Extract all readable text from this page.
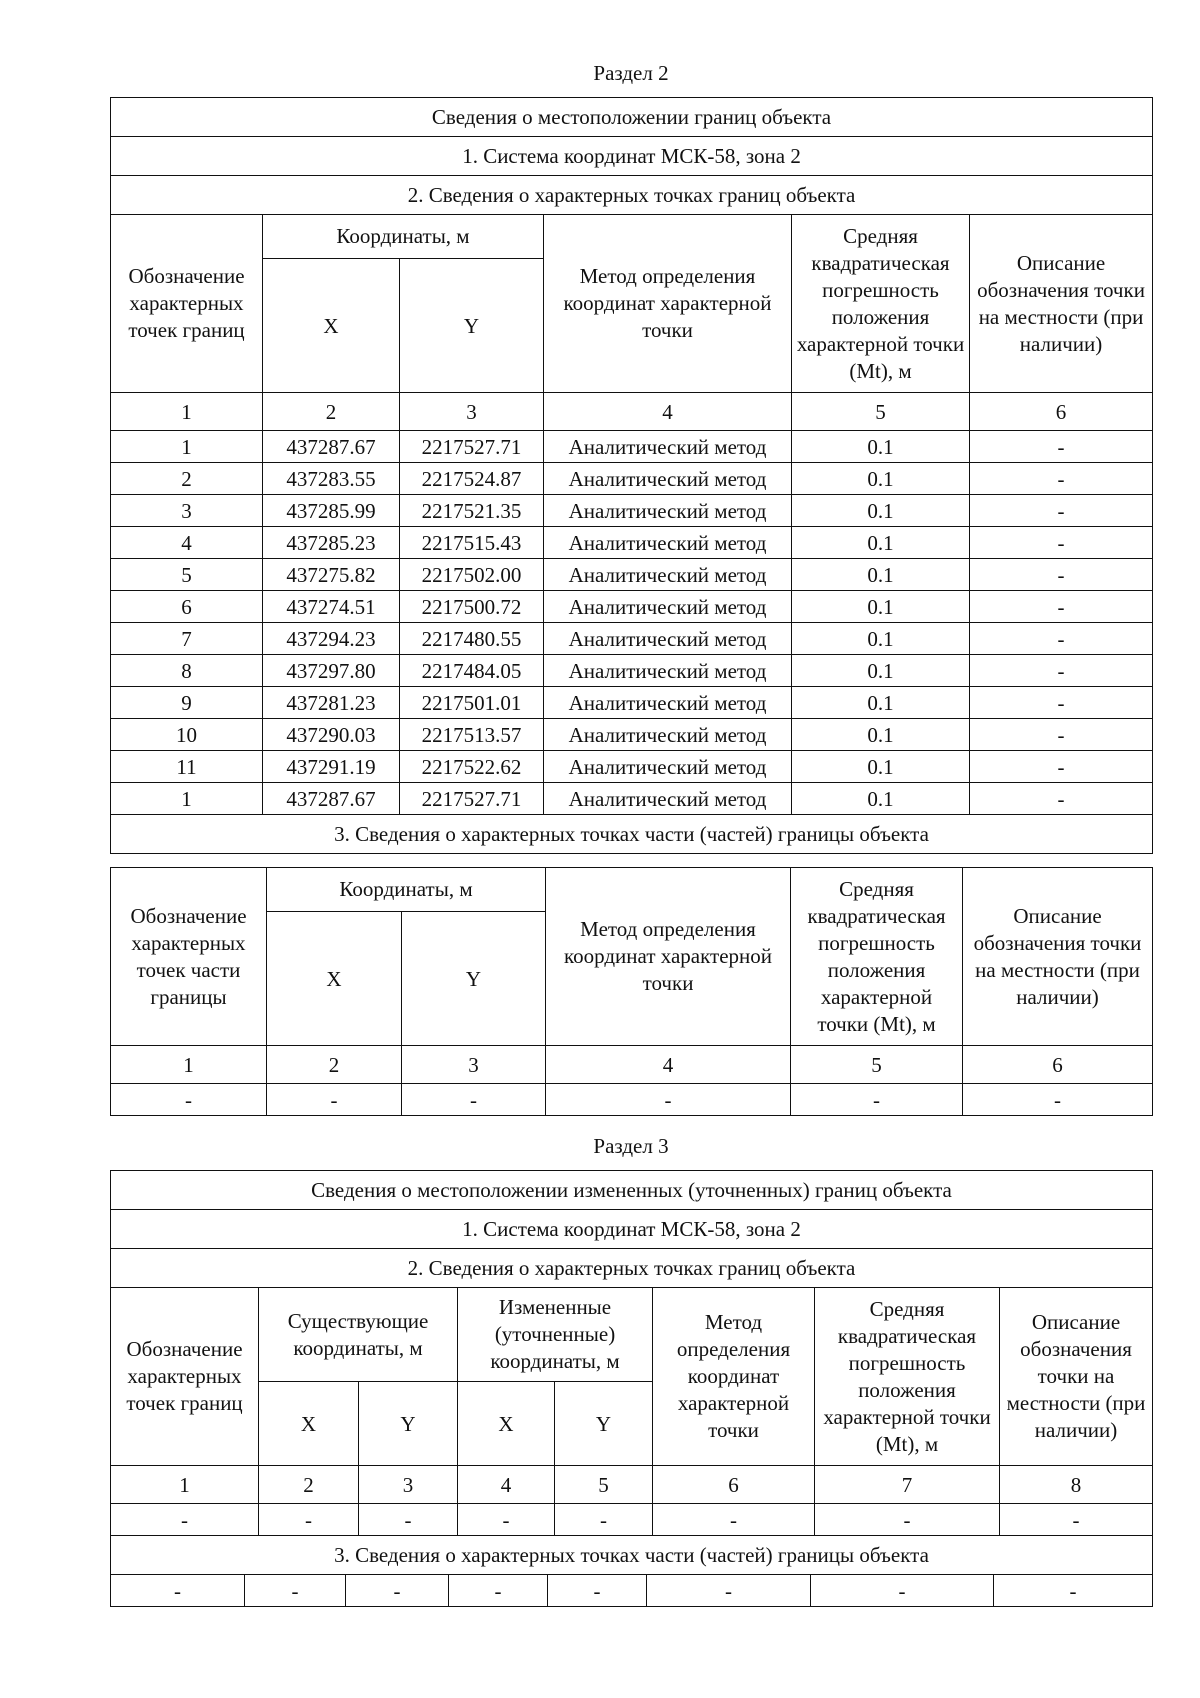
Раздел 2
Сведения о местоположении границ объекта					
1. Система координат МСК-58, зона 2					
2. Сведения о характерных точках границ объекта					
Обозначение характерных точек границ	Координаты, м		Метод определения координат характерной точки	Средняя квадратическая погрешность положения характерной точки (Mt), м	Описание обозначения точки на местности (при наличии)
	X	Y			
1	2	3	4	5	6
1	437287.67	2217527.71	Аналитический метод	0.1	-
2	437283.55	2217524.87	Аналитический метод	0.1	-
3	437285.99	2217521.35	Аналитический метод	0.1	-
4	437285.23	2217515.43	Аналитический метод	0.1	-
5	437275.82	2217502.00	Аналитический метод	0.1	-
6	437274.51	2217500.72	Аналитический метод	0.1	-
7	437294.23	2217480.55	Аналитический метод	0.1	-
8	437297.80	2217484.05	Аналитический метод	0.1	-
9	437281.23	2217501.01	Аналитический метод	0.1	-
10	437290.03	2217513.57	Аналитический метод	0.1	-
11	437291.19	2217522.62	Аналитический метод	0.1	-
1	437287.67	2217527.71	Аналитический метод	0.1	-
3. Сведения о характерных точках части (частей) границы объекта					
Обозначение характерных точек части границы	Координаты, м		Метод определения координат характерной точки	Средняя квадратическая погрешность положения характерной точки (Mt), м	Описание обозначения точки на местности (при наличии)
	X	Y			
1	2	3	4	5	6
-	-	-	-	-	-
Раздел 3
Сведения о местоположении измененных (уточненных) границ объекта							
1. Система координат МСК-58, зона 2							
2. Сведения о характерных точках границ объекта							
Обозначение характерных точек границ	Существующие координаты, м		Измененные (уточненные) координаты, м		Метод определения координат характерной точки	Средняя квадратическая погрешность положения характерной точки (Mt), м	Описание обозначения точки на местности (при наличии)
	X	Y	X	Y			
1	2	3	4	5	6	7	8
-	-	-	-	-	-	-	-
3. Сведения о характерных точках части (частей) границы объекта							
-	-	-	-	-	-	-	-
